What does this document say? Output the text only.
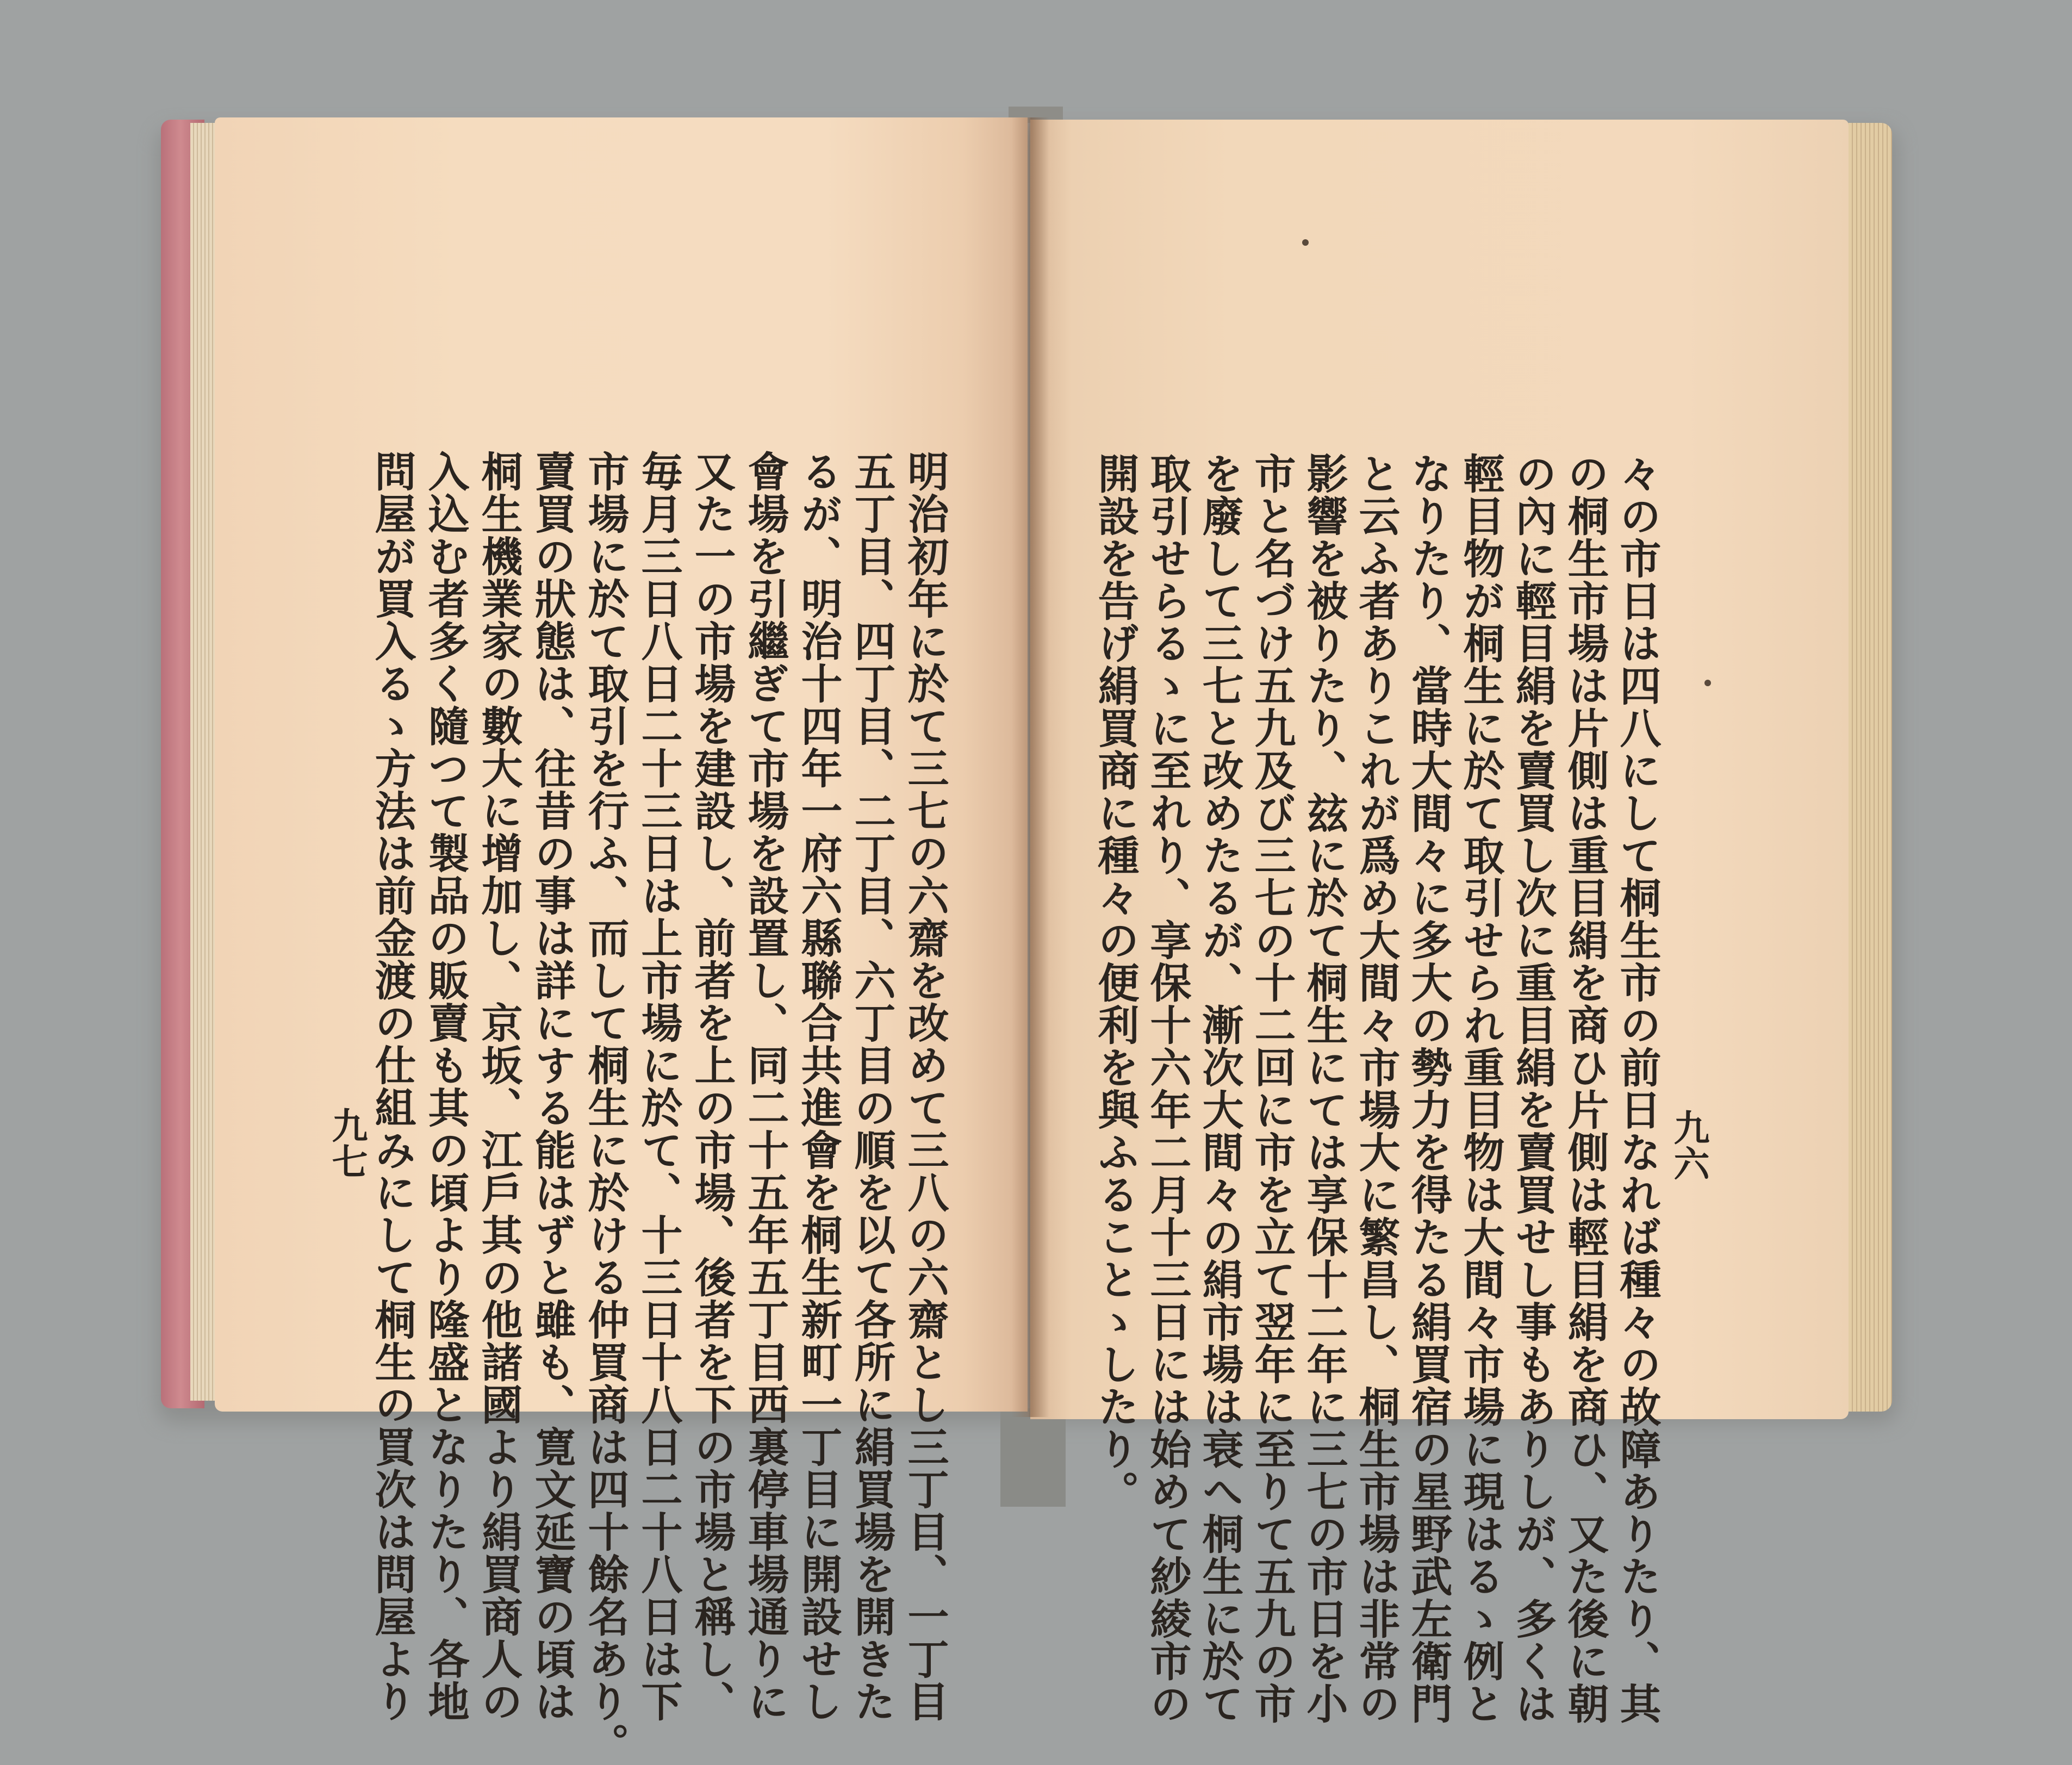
明治初年に於て三七の六齋を改めて三八の六齋とし三丁目、一丁目
五丁目、四丁目、二丁目、六丁目の順を以て各所に絹買場を開きた
るが、明治十四年一府六縣聯合共進會を桐生新町一丁目に開設せし
會場を引繼ぎて市場を設置し、同二十五年五丁目西裏停車場通りに
又た一の市場を建設し、前者を上の市場、後者を下の市場と稱し、
毎月三日八日二十三日は上市場に於て、十三日十八日二十八日は下
市場に於て取引を行ふ、而して桐生に於ける仲買商は四十餘名あり。
賣買の狀態は、往昔の事は詳にする能はずと雖も、寛文延寶の頃は
桐生機業家の數大に增加し、京坂、江戶其の他諸國より絹買商人の
入込む者多く隨つて製品の販賣も其の頃より隆盛となりたり、各地
問屋が買入るゝ方法は前金渡の仕組みにして桐生の買次は問屋より
九七	々の市日は四八にして桐生市の前日なれば種々の故障ありたり、其
の桐生市場は片側は重目絹を商ひ片側は輕目絹を商ひ、又た後に朝
の內に輕目絹を賣買し次に重目絹を賣買せし事もありしが、多くは
輕目物が桐生に於て取引せられ重目物は大間々市場に現はるゝ例と
なりたり、當時大間々に多大の勢力を得たる絹買宿の星野武左衛門
と云ふ者ありこれが爲め大間々市場大に繁昌し、桐生市場は非常の
影響を被りたり、玆に於て桐生にては享保十二年に三七の市日を小
市と名づけ五九及び三七の十二回に市を立て翌年に至りて五九の市
を廢して三七と改めたるが、漸次大間々の絹市場は衰へ桐生に於て
取引せらるゝに至れり、享保十六年二月十三日には始めて紗綾市の
開設を告げ絹買商に種々の便利を與ふることゝしたり。	九六
